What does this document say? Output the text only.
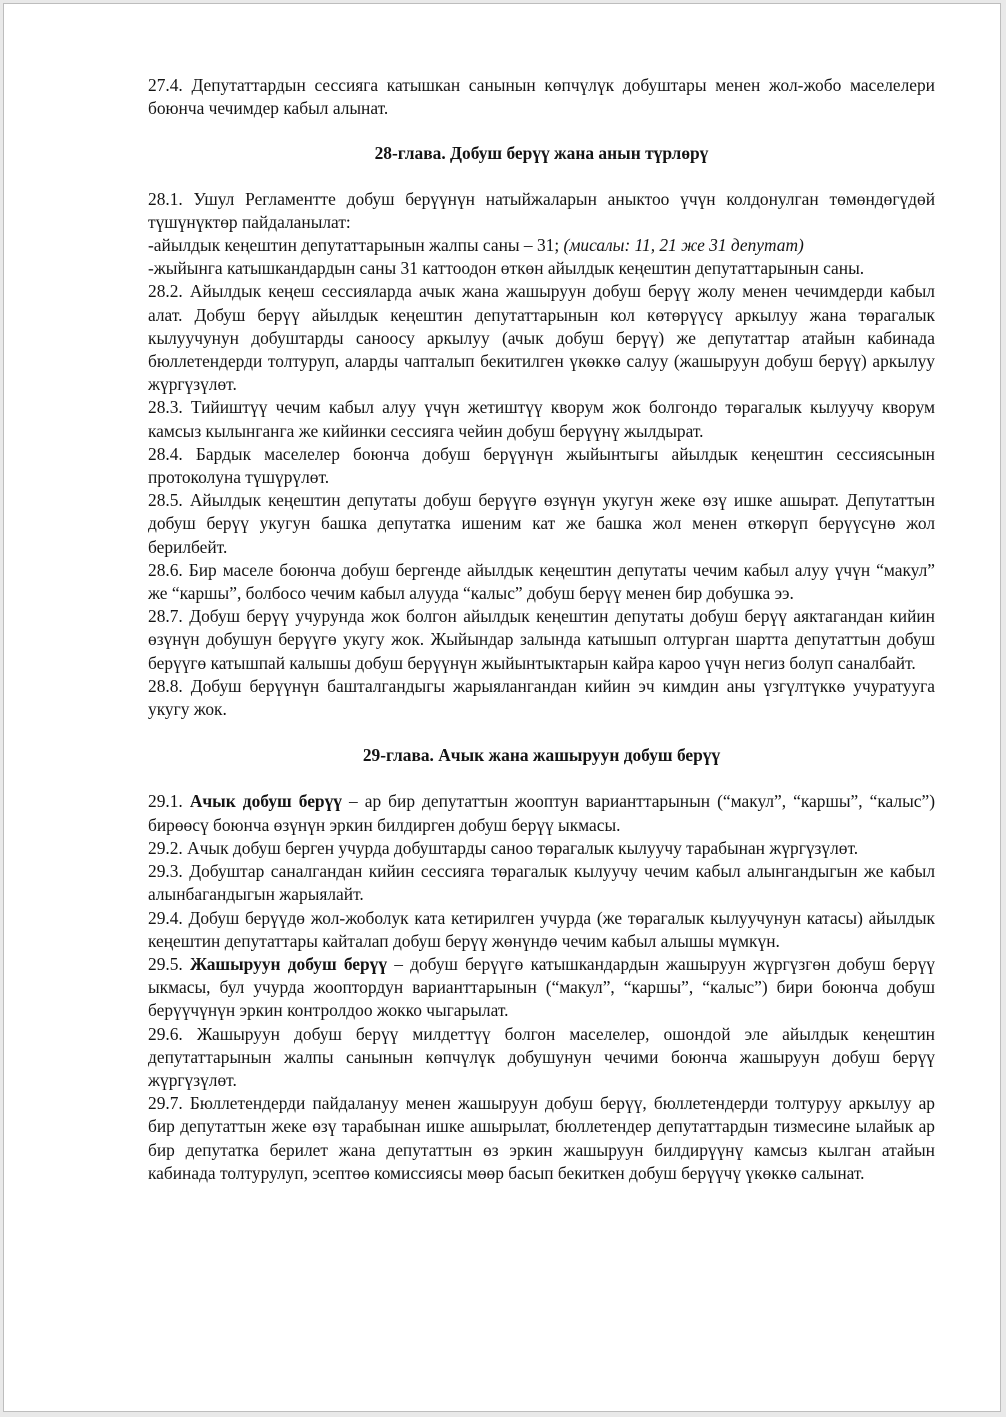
27.4. Депутаттардын сессияга катышкан санынын көпчүлүк добуштары менен жол-жобо маселелери боюнча чечимдер кабыл алынат.

28-глава. Добуш берүү жана анын түрлөрү

28.1. Ушул Регламентте добуш берүүнүн натыйжаларын аныктоо үчүн колдонулган төмөндөгүдөй түшүнүктөр пайдаланылат:

-айылдык кеңештин депутаттарынын жалпы саны – 31; (мисалы: 11, 21 же 31 депутат)

-жыйынга катышкандардын саны 31 каттоодон өткөн айылдык кеңештин депутаттарынын саны.

28.2. Айылдык кеңеш сессияларда ачык жана жашыруун добуш берүү жолу менен чечимдерди кабыл алат. Добуш берүү айылдык кеңештин депутаттарынын кол көтөрүүсү аркылуу жана төрагалык кылуучунун добуштарды саноосу аркылуу (ачык добуш берүү) же депутаттар атайын кабинада бюллетендерди толтуруп, аларды чапталып бекитилген үкөккө салуу (жашыруун добуш берүү) аркылуу жүргүзүлөт.

28.3. Тийиштүү чечим кабыл алуу үчүн жетиштүү кворум жок болгондо төрагалык кылуучу кворум камсыз кылынганга же кийинки сессияга чейин добуш берүүнү жылдырат.

28.4. Бардык маселелер боюнча добуш берүүнүн жыйынтыгы айылдык кеңештин сессиясынын протоколуна түшүрүлөт.

28.5. Айылдык кеңештин депутаты добуш берүүгө өзүнүн укугун жеке өзү ишке ашырат. Депутаттын добуш берүү укугун башка депутатка ишеним кат же башка жол менен өткөрүп берүүсүнө жол берилбейт.

28.6. Бир маселе боюнча добуш бергенде айылдык кеңештин депутаты чечим кабыл алуу үчүн “макул” же “каршы”, болбосо чечим кабыл алууда “калыс” добуш берүү менен бир добушка ээ.

28.7. Добуш берүү учурунда жок болгон айылдык кеңештин депутаты добуш берүү аяктагандан кийин өзүнүн добушун берүүгө укугу жок. Жыйындар залында катышып олтурган шартта депутаттын добуш берүүгө катышпай калышы добуш берүүнүн жыйынтыктарын кайра кароо үчүн негиз болуп саналбайт.

28.8. Добуш берүүнүн башталгандыгы жарыялангандан кийин эч кимдин аны үзгүлтүккө учуратууга укугу жок.

29-глава. Ачык жана жашыруун добуш берүү

29.1. Ачык добуш берүү – ар бир депутаттын жооптун варианттарынын (“макул”, “каршы”, “калыс”) бирөөсү боюнча өзүнүн эркин билдирген добуш берүү ыкмасы.

29.2. Ачык добуш берген учурда добуштарды саноо төрагалык кылуучу тарабынан жүргүзүлөт.

29.3. Добуштар саналгандан кийин сессияга төрагалык кылуучу чечим кабыл алынгандыгын же кабыл алынбагандыгын жарыялайт.

29.4. Добуш берүүдө жол-жоболук ката кетирилген учурда (же төрагалык кылуучунун катасы) айылдык кеңештин депутаттары кайталап добуш берүү жөнүндө чечим кабыл алышы мүмкүн.

29.5. Жашыруун добуш берүү – добуш берүүгө катышкандардын жашыруун жүргүзгөн добуш берүү ыкмасы, бул учурда жооптордун варианттарынын (“макул”, “каршы”, “калыс”) бири боюнча добуш берүүчүнүн эркин контролдоо жокко чыгарылат.

29.6. Жашыруун добуш берүү милдеттүү болгон маселелер, ошондой эле айылдык кеңештин депутаттарынын жалпы санынын көпчүлүк добушунун чечими боюнча жашыруун добуш берүү жүргүзүлөт.

29.7. Бюллетендерди пайдалануу менен жашыруун добуш берүү, бюллетендерди толтуруу аркылуу ар бир депутаттын жеке өзү тарабынан ишке ашырылат, бюллетендер депутаттардын тизмесине ылайык ар бир депутатка берилет жана депутаттын өз эркин жашыруун билдирүүнү камсыз кылган атайын кабинада толтурулуп, эсептөө комиссиясы мөөр басып бекиткен добуш берүүчү үкөккө салынат.
